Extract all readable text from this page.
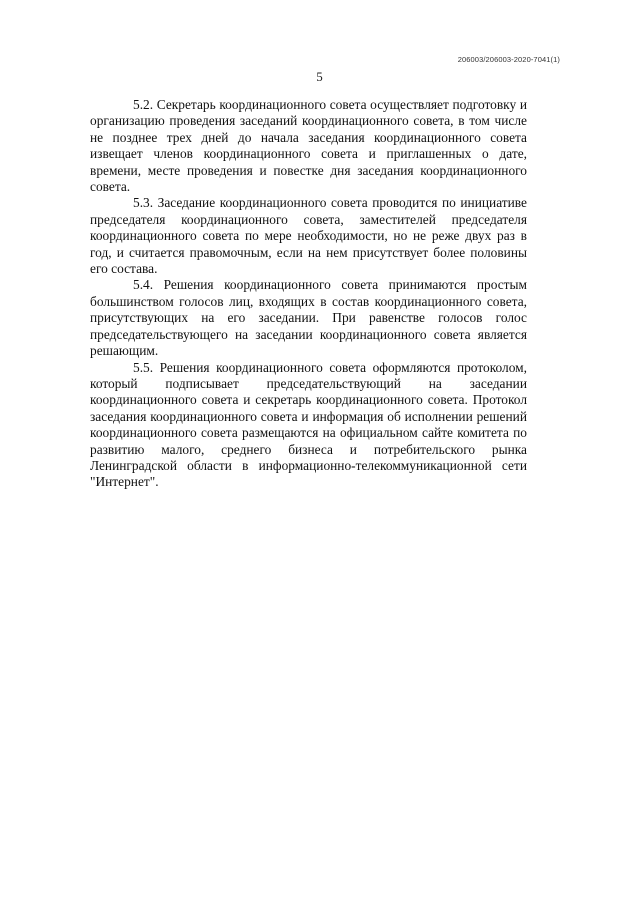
206003/206003-2020-7041(1)
5

5.2. Секретарь координационного совета осуществляет подготовку и организацию проведения заседаний координационного совета, в том числе не позднее трех дней до начала заседания координационного совета извещает членов координационного совета и приглашенных о дате, времени, месте проведения и повестке дня заседания координационного совета.

5.3. Заседание координационного совета проводится по инициативе председателя координационного совета, заместителей председателя координационного совета по мере необходимости, но не реже двух раз в год, и считается правомочным, если на нем присутствует более половины его состава.

5.4. Решения координационного совета принимаются простым большинством голосов лиц, входящих в состав координационного совета, присутствующих на его заседании. При равенстве голосов голос председательствующего на заседании координационного совета является решающим.

5.5. Решения координационного совета оформляются протоколом, который подписывает председательствующий на заседании координационного совета и секретарь координационного совета. Протокол заседания координационного совета и информация об исполнении решений координационного совета размещаются на официальном сайте комитета по развитию малого, среднего бизнеса и потребительского рынка Ленинградской области в информационно-телекоммуникационной сети "Интернет".
